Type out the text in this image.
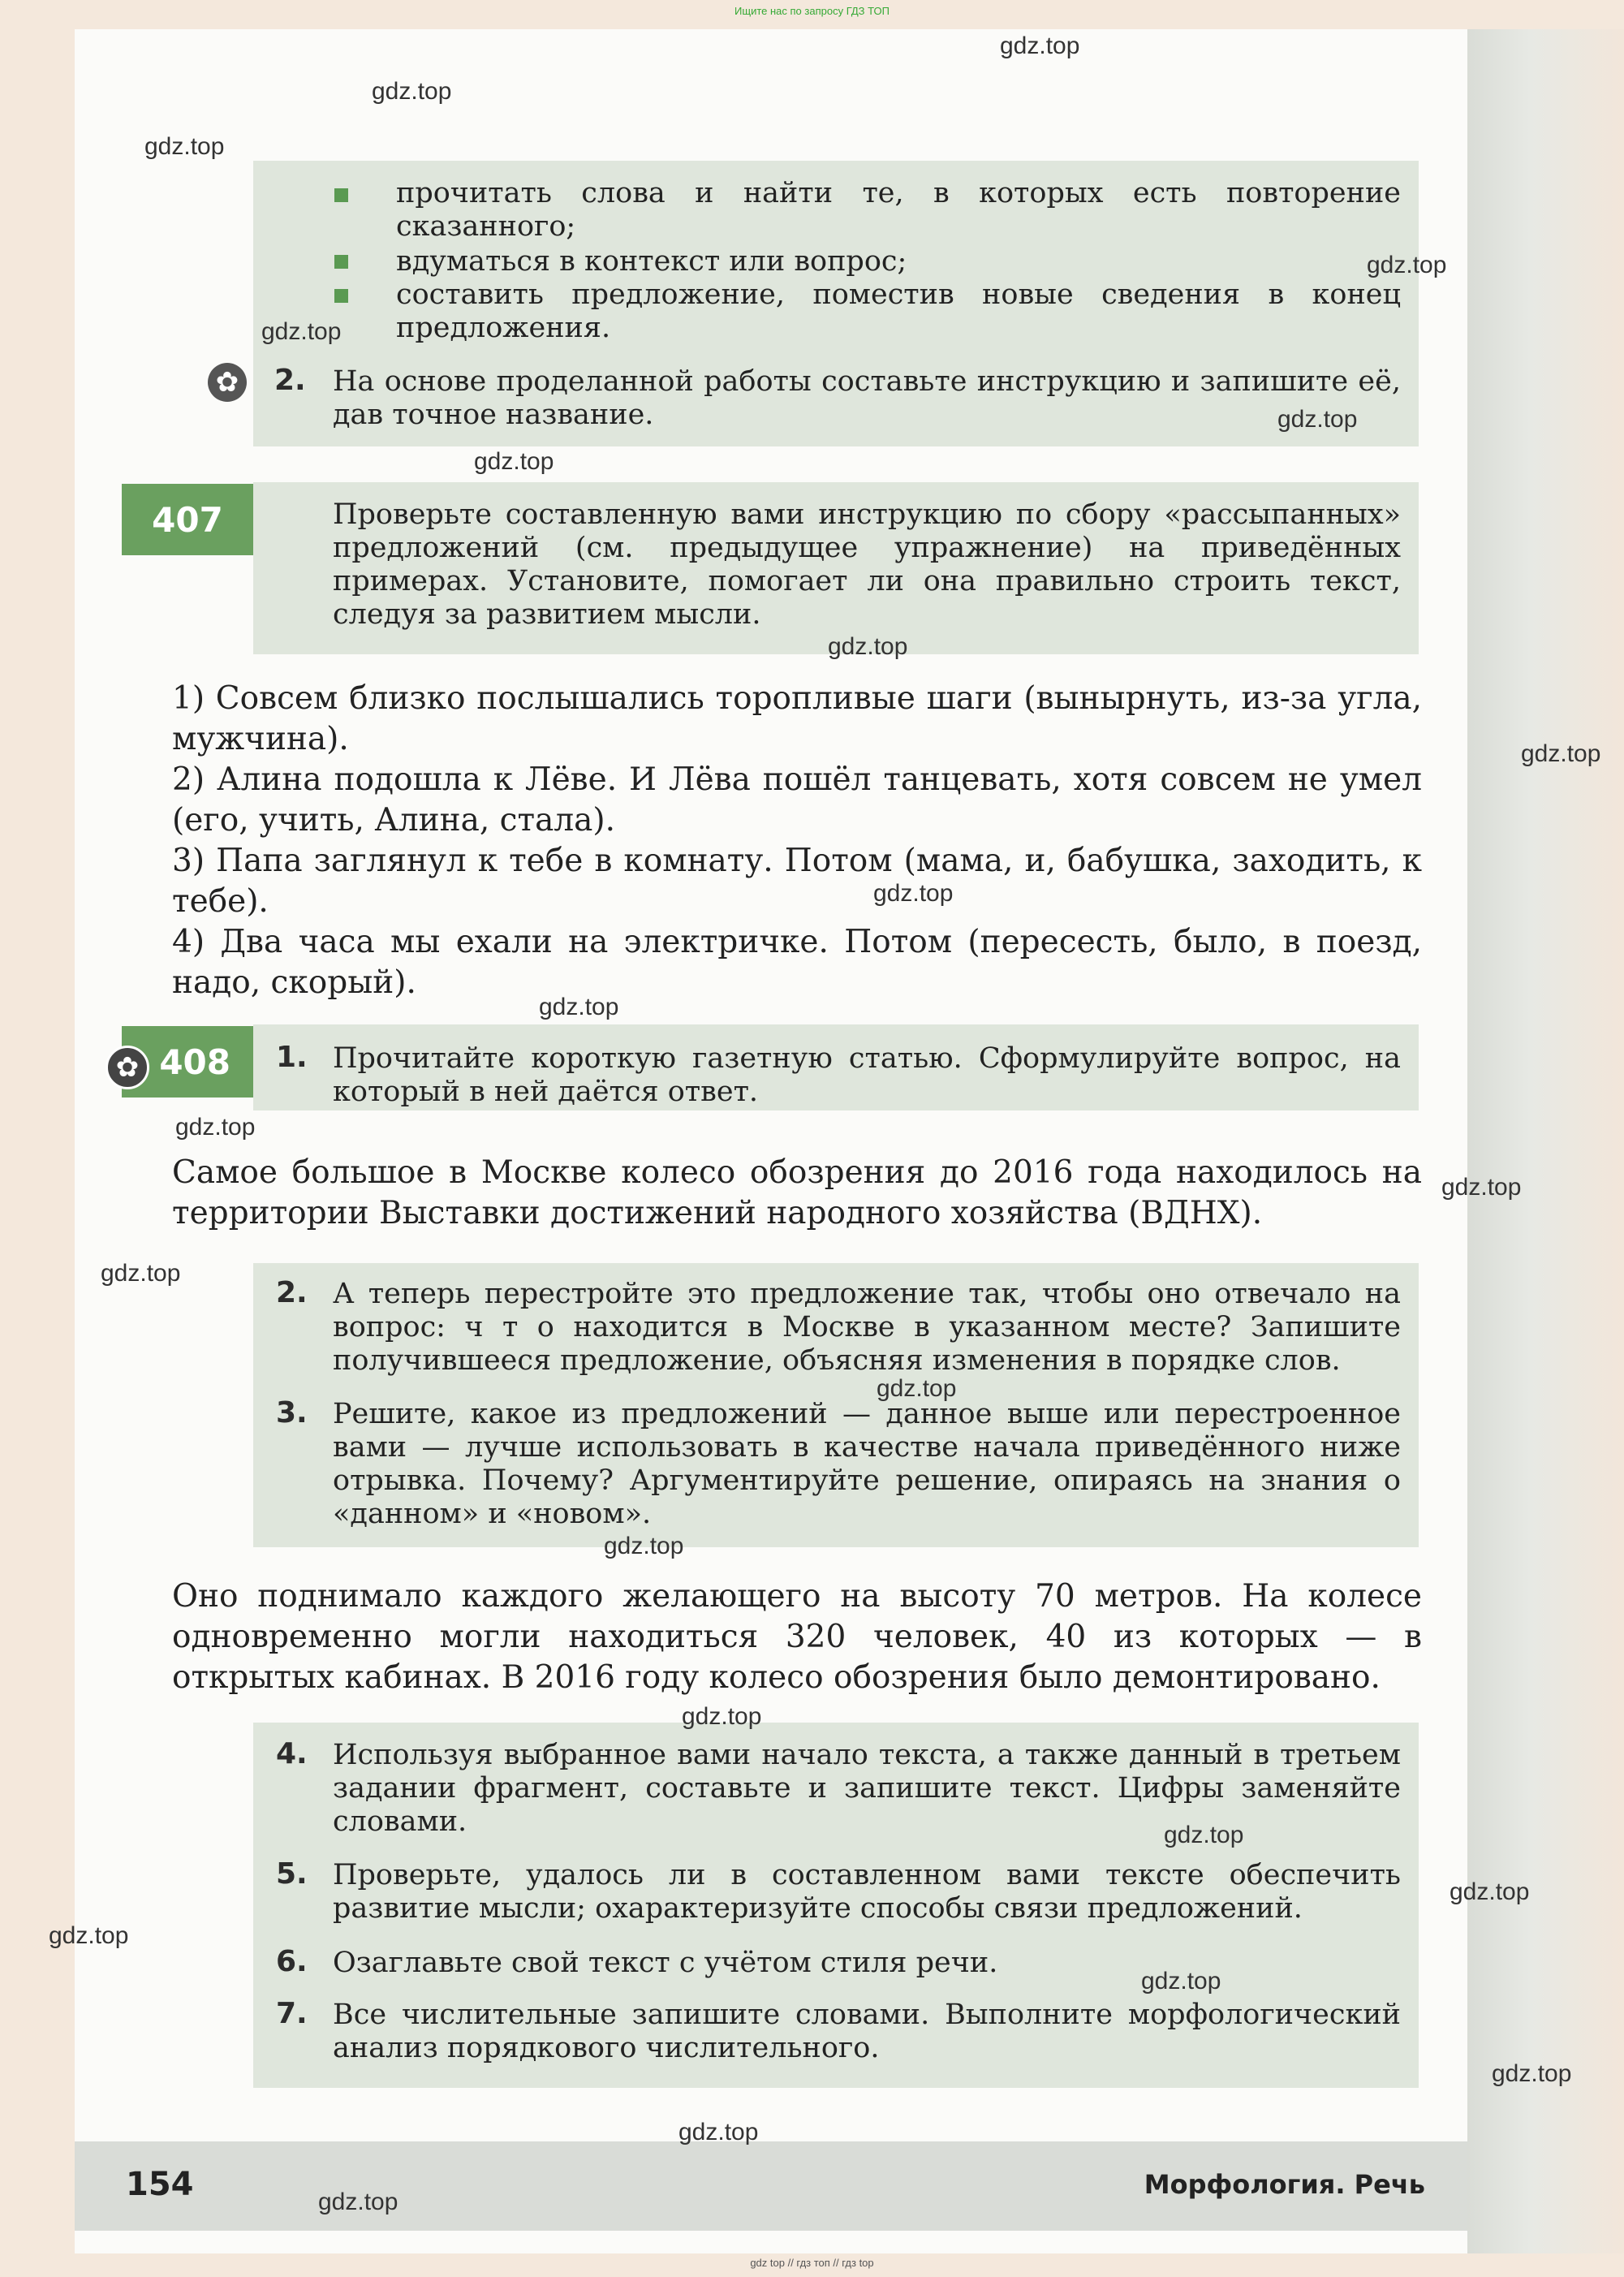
Ищите нас по запросу ГДЗ ТОП
прочитать слова и найти те, в которых есть повторение сказанного;
вдуматься в контекст или вопрос;
составить предложение, поместив новые сведения в конец предложения.
✿ 2. На основе проделанной работы составьте инструкцию и запишите её, дав точное название.
407	Проверьте составленную вами инструкцию по сбору «рассыпанных» предложений (см. предыдущее упражнение) на приведённых примерах. Установите, помогает ли она правильно строить текст, следуя за развитием мысли.
1) Совсем близко послышались торопливые шаги (вынырнуть, из-за угла, мужчина).
2) Алина подошла к Лёве. И Лёва пошёл танцевать, хотя совсем не умел (его, учить, Алина, стала).
3) Папа заглянул к тебе в комнату. Потом (мама, и, бабушка, заходить, к тебе).
4) Два часа мы ехали на электричке. Потом (пересесть, было, в поезд, надо, скорый).
408
✿	1. Прочитайте короткую газетную статью. Сформулируйте вопрос, на который в ней даётся ответ.
Самое большое в Москве колесо обозрения до 2016 года находилось на территории Выставки достижений народного хозяйства (ВДНХ).
2. А теперь перестройте это предложение так, чтобы оно отвечало на вопрос: ч т о находится в Москве в указанном месте? Запишите получившееся предложение, объясняя изменения в порядке слов.
3. Решите, какое из предложений — данное выше или перестроенное вами — лучше использовать в качестве начала приведённого ниже отрывка. Почему? Аргументируйте решение, опираясь на знания о «данном» и «новом».
Оно поднимало каждого желающего на высоту 70 метров. На колесе одновременно могли находиться 320 человек, 40 из которых — в открытых кабинах. В 2016 году колесо обозрения было демонтировано.
4. Используя выбранное вами начало текста, а также данный в третьем задании фрагмент, составьте и запишите текст. Цифры заменяйте словами.
5. Проверьте, удалось ли в составленном вами тексте обеспечить развитие мысли; охарактеризуйте способы связи предложений.
6. Озаглавьте свой текст с учётом стиля речи.
7. Все числительные запишите словами. Выполните морфологический анализ порядкового числительного.
154	Морфология. Речь
gdz.top
gdz.top
gdz.top
gdz.top
gdz.top
gdz.top
gdz.top
gdz.top
gdz.top
gdz.top
gdz.top
gdz.top
gdz.top
gdz.top
gdz.top
gdz.top
gdz.top
gdz.top
gdz.top
gdz.top
gdz.top
gdz.top
gdz.top
gdz.top
gdz top // гдз топ // гдз top
